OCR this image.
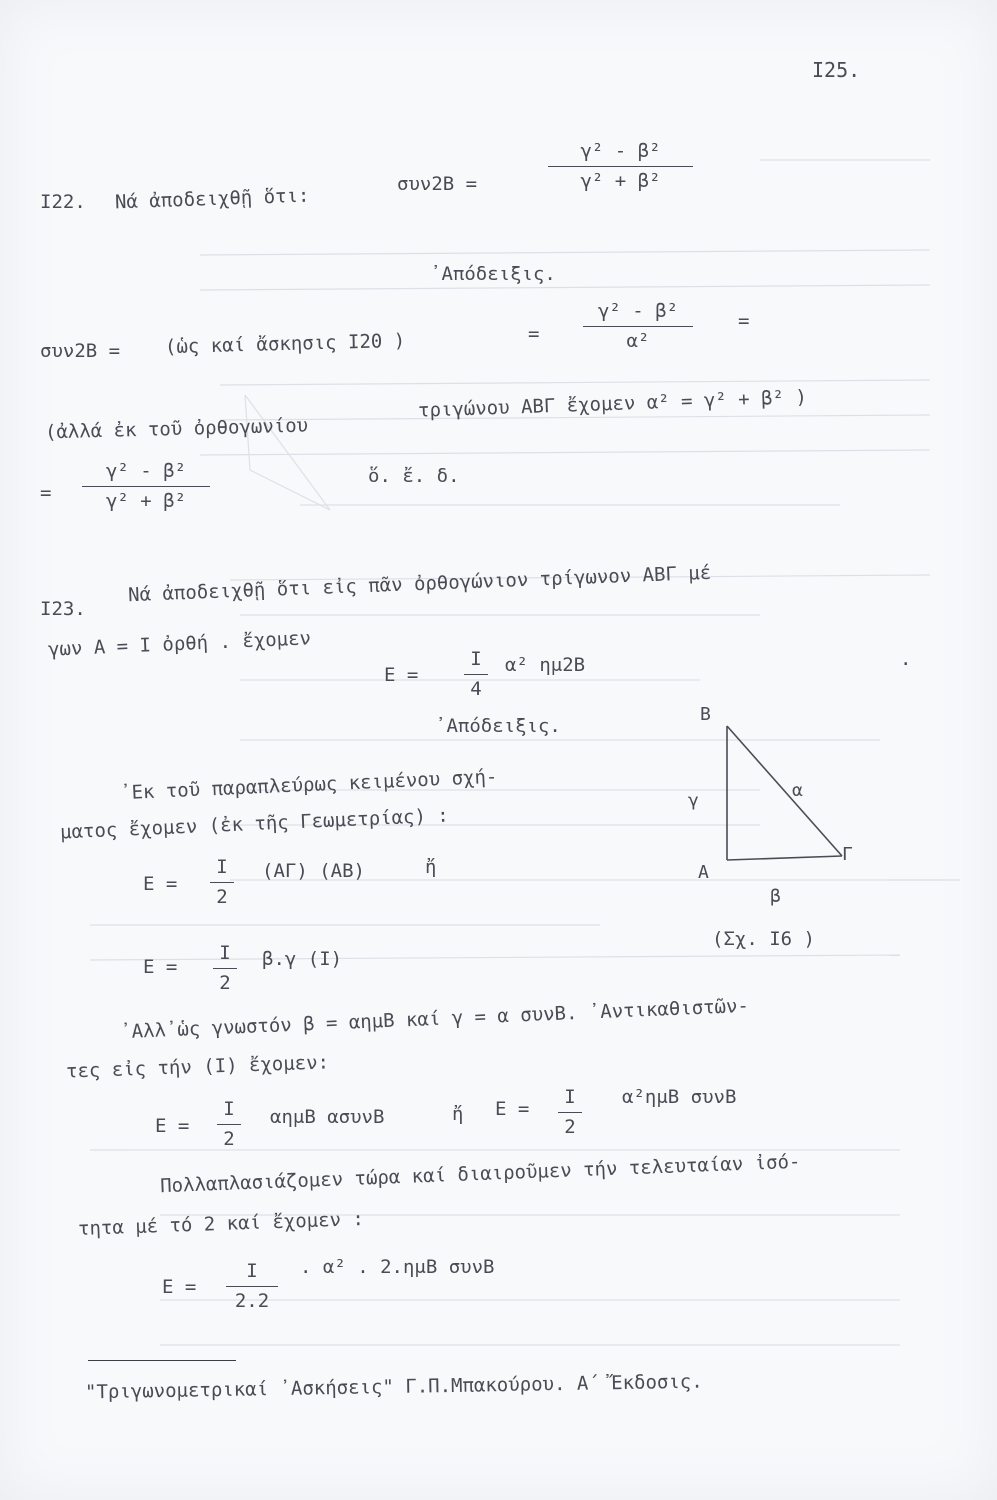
I25.
I22. Νά ἀποδειχθῇ ὅτι:
συν2Β =
γ² - β²
γ² + β²
᾿Απόδειξις.
συν2Β = (ὡς καί ἄσκησις I20 )	=
γ² - β²
α²
=
(ἀλλά ἐκ τοῦ ὀρθογωνίου
τριγώνου ΑΒΓ ἔχομεν α² = γ² + β² )
=
γ² - β²
γ² + β²
ὅ. ἔ. δ.
I23.
Νά ἀποδειχθῇ ὅτι εἰς πᾶν ὀρθογώνιον τρίγωνον ΑΒΓ μέ
γων Α = Ι ὀρθή . ἔχομεν
Ε =
I
4
α² ημ2Β	.
᾿Απόδειξις.
᾿Εκ τοῦ παραπλεύρως κειμένου σχή-
ματος ἔχομεν (ἐκ τῆς Γεωμετρίας) :
Ε =
I
2
(ΑΓ) (ΑΒ)	ἤ
Ε =
I
2
β.γ (Ι)
(Σχ. I6 )
᾿Αλλ᾿ὡς γνωστόν β = αημΒ καί γ = α συνΒ. ᾿Αντικαθιστῶν-
τες εἰς τήν (Ι) ἔχομεν:
Ε =
I
2
αημΒ ασυνΒ	ἤ Ε =
I
2
α²ημΒ συνΒ
Πολλαπλασιάζομεν τώρα καί διαιροῦμεν τήν τελευταίαν ἰσό-
τητα μέ τό 2 καί ἔχομεν :
Ε =
I
2.2
. α² . 2.ημΒ συνΒ
Β
Α
Γ
α
β
γ
"Τριγωνομετρικαί ᾿Ασκήσεις" Γ.Π.Μπακούρου. Α΄ Ἔκδοσις.
